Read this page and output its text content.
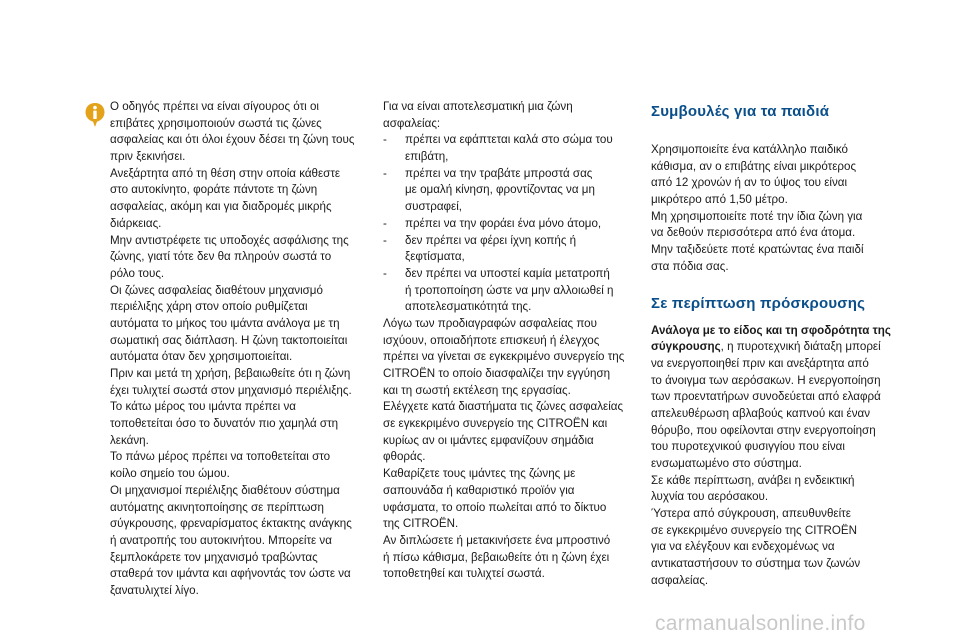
Ο οδηγός πρέπει να είναι σίγουρος ότι οι
επιβάτες χρησιμοποιούν σωστά τις ζώνες
ασφαλείας και ότι όλοι έχουν δέσει τη ζώνη τους
πριν ξεκινήσει.
Ανεξάρτητα από τη θέση στην οποία κάθεστε
στο αυτοκίνητο, φοράτε πάντοτε τη ζώνη
ασφαλείας, ακόμη και για διαδρομές μικρής
διάρκειας.
Μην αντιστρέφετε τις υποδοχές ασφάλισης της
ζώνης, γιατί τότε δεν θα πληρούν σωστά το
ρόλο τους.
Οι ζώνες ασφαλείας διαθέτουν μηχανισμό
περιέλιξης χάρη στον οποίο ρυθμίζεται
αυτόματα το μήκος του ιμάντα ανάλογα με τη
σωματική σας διάπλαση. Η ζώνη τακτοποιείται
αυτόματα όταν δεν χρησιμοποιείται.
Πριν και μετά τη χρήση, βεβαιωθείτε ότι η ζώνη
έχει τυλιχτεί σωστά στον μηχανισμό περιέλιξης.
Το κάτω μέρος του ιμάντα πρέπει να
τοποθετείται όσο το δυνατόν πιο χαμηλά στη
λεκάνη.
Το πάνω μέρος πρέπει να τοποθετείται στο
κοίλο σημείο του ώμου.
Οι μηχανισμοί περιέλιξης διαθέτουν σύστημα
αυτόματης ακινητοποίησης σε περίπτωση
σύγκρουσης, φρεναρίσματος έκτακτης ανάγκης
ή ανατροπής του αυτοκινήτου. Μπορείτε να
ξεμπλοκάρετε τον μηχανισμό τραβώντας
σταθερά τον ιμάντα και αφήνοντάς τον ώστε να
ξανατυλιχτεί λίγο.
Για να είναι αποτελεσματική μια ζώνη
ασφαλείας:
- πρέπει να εφάπτεται καλά στο σώμα του
επιβάτη,
- πρέπει να την τραβάτε μπροστά σας
με ομαλή κίνηση, φροντίζοντας να μη
συστραφεί,
- πρέπει να την φοράει ένα μόνο άτομο,
- δεν πρέπει να φέρει ίχνη κοπής ή
ξεφτίσματα,
- δεν πρέπει να υποστεί καμία μετατροπή
ή τροποποίηση ώστε να μην αλλοιωθεί η
αποτελεσματικότητά της.
Λόγω των προδιαγραφών ασφαλείας που
ισχύουν, οποιαδήποτε επισκευή ή έλεγχος
πρέπει να γίνεται σε εγκεκριμένο συνεργείο της
CITROËN το οποίο διασφαλίζει την εγγύηση
και τη σωστή εκτέλεση της εργασίας.
Ελέγχετε κατά διαστήματα τις ζώνες ασφαλείας
σε εγκεκριμένο συνεργείο της CITROËN και
κυρίως αν οι ιμάντες εμφανίζουν σημάδια
φθοράς.
Καθαρίζετε τους ιμάντες της ζώνης με
σαπουνάδα ή καθαριστικό προϊόν για
υφάσματα, το οποίο πωλείται από το δίκτυο
της CITROËN.
Αν διπλώσετε ή μετακινήσετε ένα μπροστινό
ή πίσω κάθισμα, βεβαιωθείτε ότι η ζώνη έχει
τοποθετηθεί και τυλιχτεί σωστά.
Συμβουλές για τα παιδιά
Χρησιμοποιείτε ένα κατάλληλο παιδικό
κάθισμα, αν ο επιβάτης είναι μικρότερος
από 12 χρονών ή αν το ύψος του είναι
μικρότερο από 1,50 μέτρο.
Μη χρησιμοποιείτε ποτέ την ίδια ζώνη για
να δεθούν περισσότερα από ένα άτομα.
Μην ταξιδεύετε ποτέ κρατώντας ένα παιδί
στα πόδια σας.
Σε περίπτωση πρόσκρουσης
Ανάλογα με το είδος και τη σφοδρότητα της
σύγκρουσης, η πυροτεχνική διάταξη μπορεί
να ενεργοποιηθεί πριν και ανεξάρτητα από
το άνοιγμα των αερόσακων. Η ενεργοποίηση
των προεντατήρων συνοδεύεται από ελαφρά
απελευθέρωση αβλαβούς καπνού και έναν
θόρυβο, που οφείλονται στην ενεργοποίηση
του πυροτεχνικού φυσιγγίου που είναι
ενσωματωμένο στο σύστημα.
Σε κάθε περίπτωση, ανάβει η ενδεικτική
λυχνία του αερόσακου.
Ύστερα από σύγκρουση, απευθυνθείτε
σε εγκεκριμένο συνεργείο της CITROËN
για να ελέγξουν και ενδεχομένως να
αντικαταστήσουν το σύστημα των ζωνών
ασφαλείας.
carmanualsonline.info
